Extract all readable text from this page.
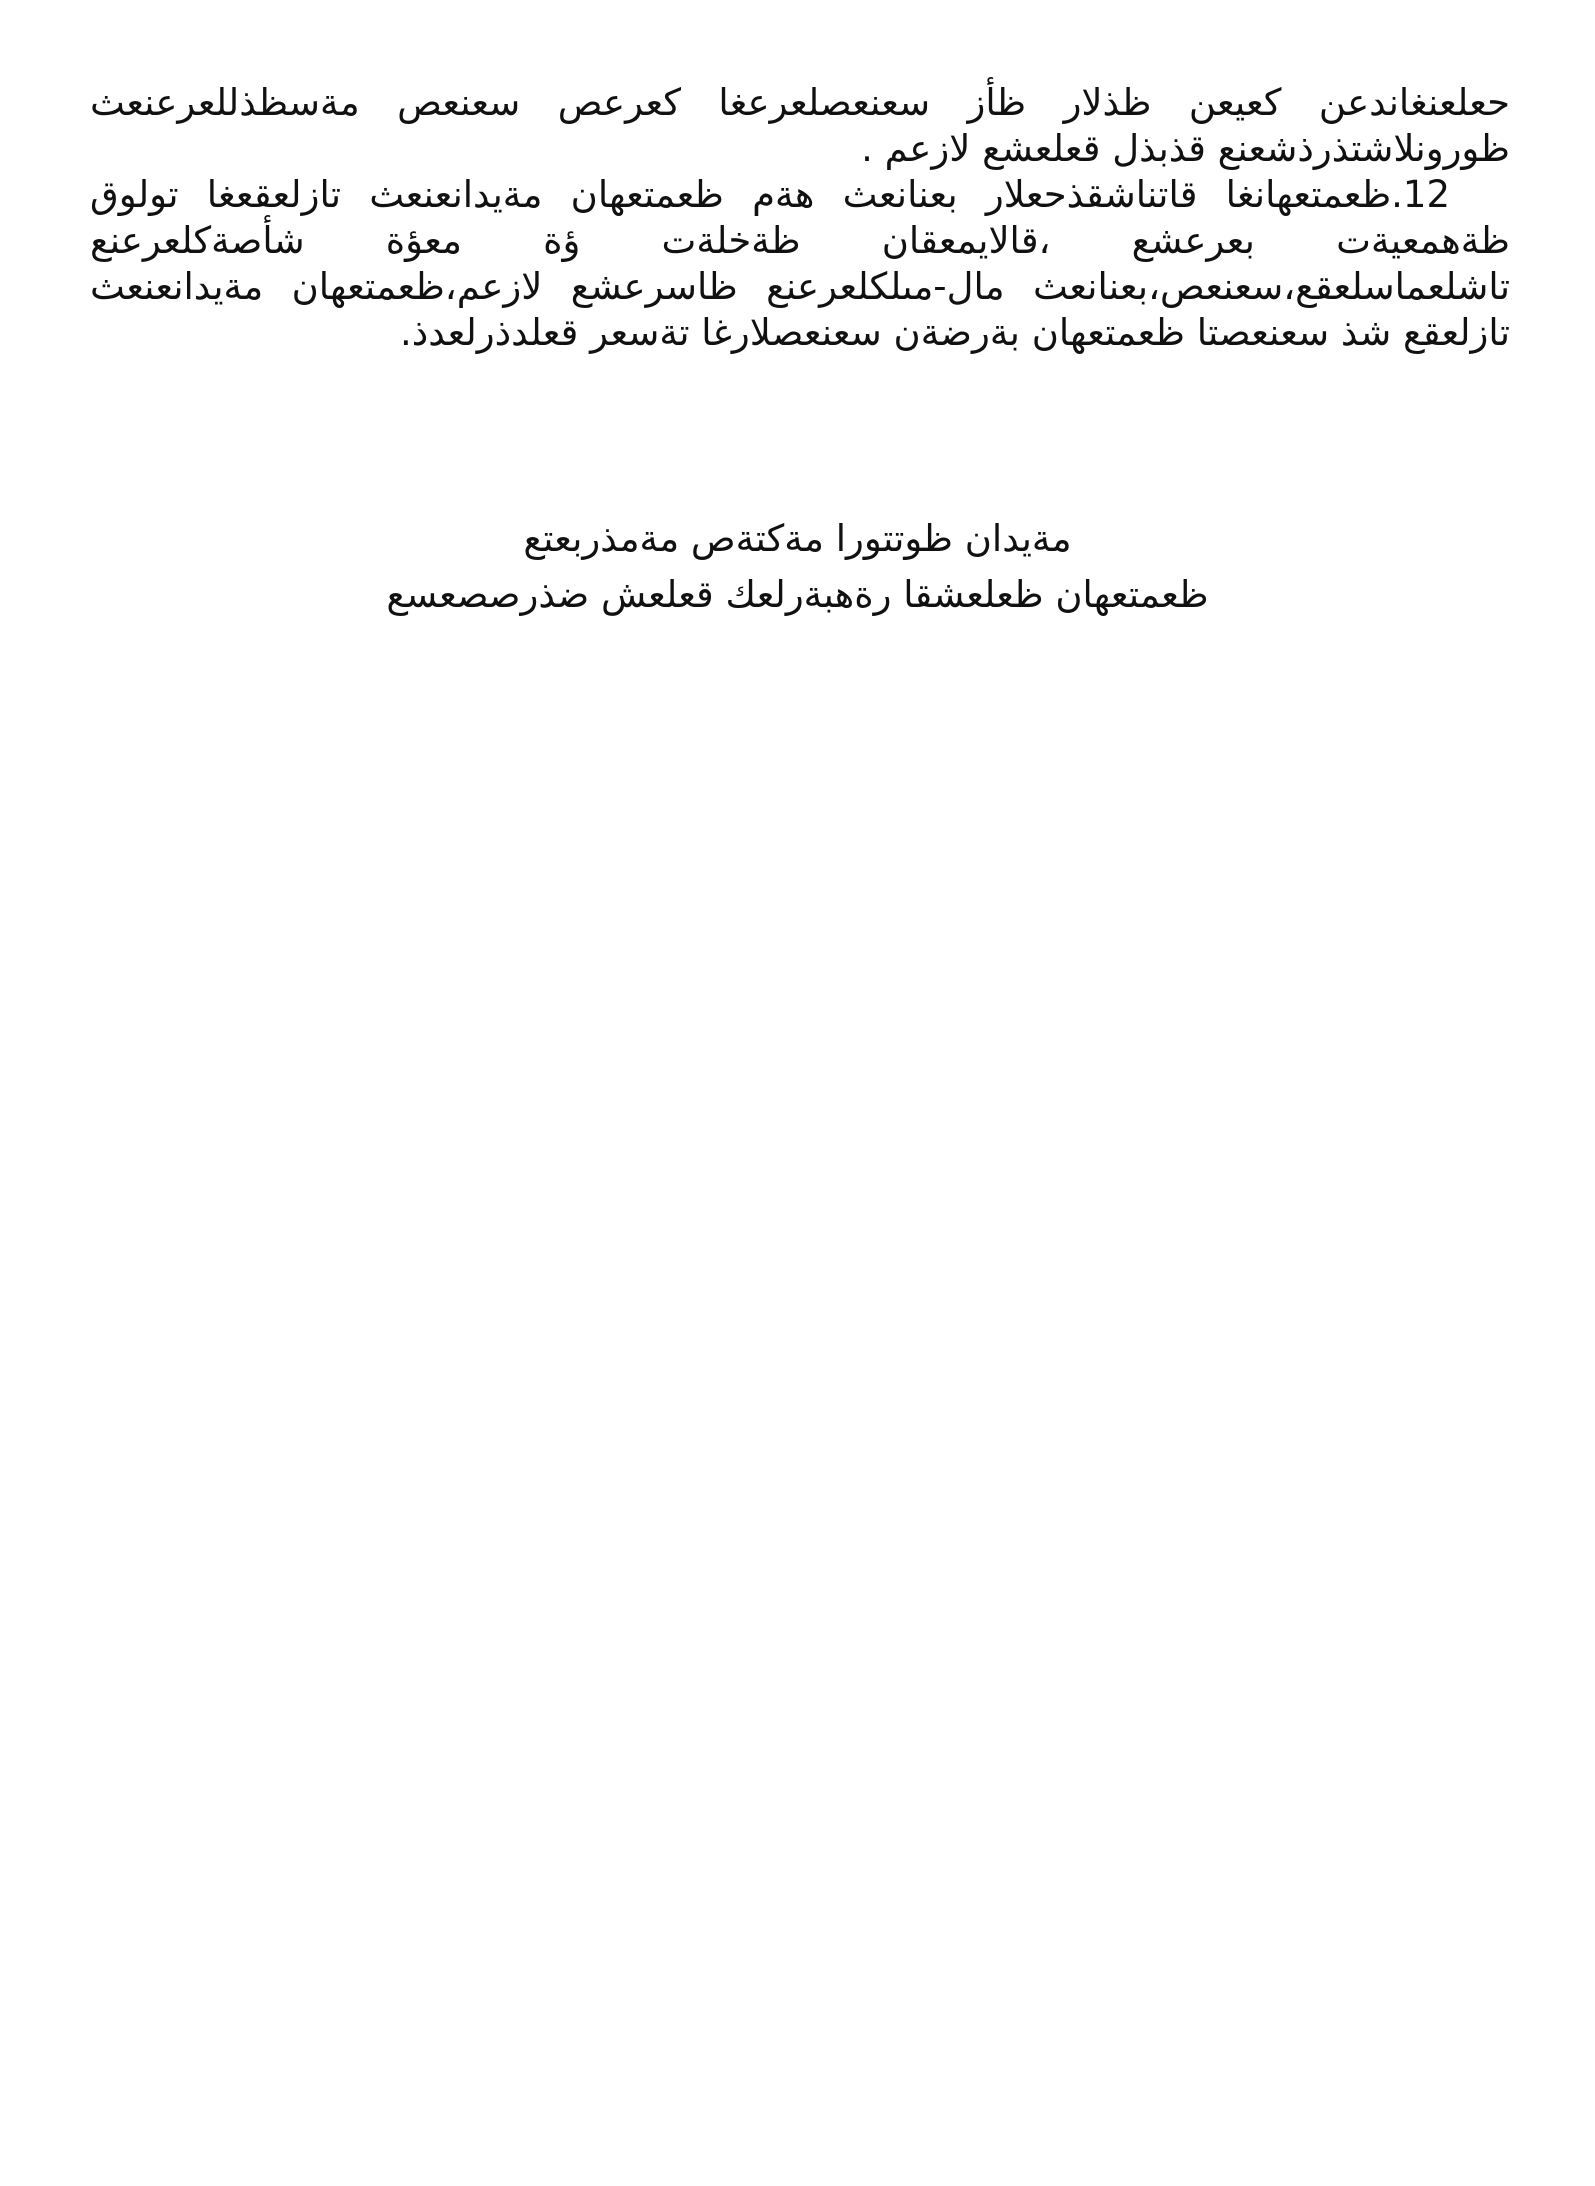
حعلعنغاندعن كعيعن ظذلار ظأز سعنعصلعرعغا كعرعص سعنعص مةسظذللعرعنعث ظورونلاشتذرذشعنع قذبذل قعلعشع لازعم .

12.ظعمتعهانغا قاتناشقذحعلار بعنانعث هةم ظعمتعهان مةيدانعنعث تازلعقعغا تولوق ظةهمعيةت بعرعشع ،قالايمعقان ظةخلةت ؤة معؤة شأصةكلعرعنع تاشلعماسلعقع،سعنعص،بعنانعث مال-مىلكلعرعنع ظاسرعشع لازعم،ظعمتعهان مةيدانعنعث تازلعقع شذ سعنعصتا ظعمتعهان بةرضةن سعنعصلارغا تةسعر قعلدذرلعدذ.

مةيدان ظوتتورا مةكتةص مةمذربعتع
ظعمتعهان ظعلعشقا رةهبةرلعك قعلعش ضذرصصعسع
